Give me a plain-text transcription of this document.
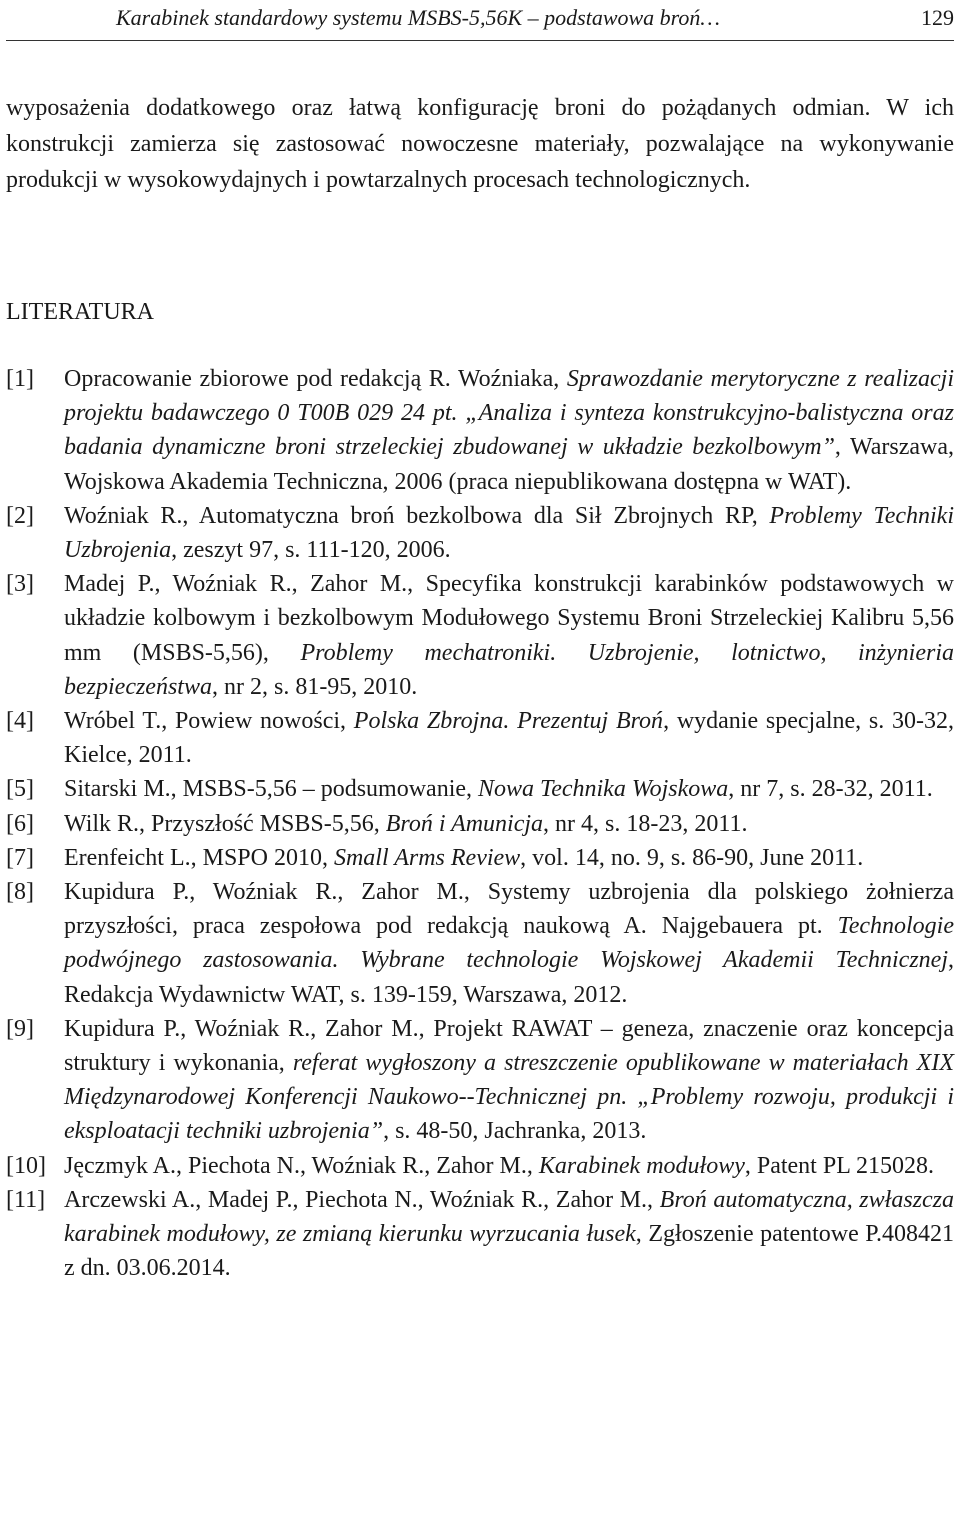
Karabinek standardowy systemu MSBS-5,56K – podstawowa broń…	129

wyposażenia dodatkowego oraz łatwą konfigurację broni do pożądanych odmian. W ich konstrukcji zamierza się zastosować nowoczesne materiały, pozwalające na wykonywanie produkcji w wysokowydajnych i powtarzalnych procesach technologicznych.

LITERATURA
[1] Opracowanie zbiorowe pod redakcją R. Woźniaka, Sprawozdanie merytoryczne z realizacji projektu badawczego 0 T00B 029 24 pt. „Analiza i synteza konstrukcyjno-balistyczna oraz badania dynamiczne broni strzeleckiej zbudowanej w układzie bezkolbowym”, Warszawa, Wojskowa Akademia Techniczna, 2006 (praca niepublikowana dostępna w WAT).
[2] Woźniak R., Automatyczna broń bezkolbowa dla Sił Zbrojnych RP, Problemy Techniki Uzbrojenia, zeszyt 97, s. 111-120, 2006.
[3] Madej P., Woźniak R., Zahor M., Specyfika konstrukcji karabinków podstawowych w układzie kolbowym i bezkolbowym Modułowego Systemu Broni Strzeleckiej Kalibru 5,56 mm (MSBS-5,56), Problemy mechatroniki. Uzbrojenie, lotnictwo, inżynieria bezpieczeństwa, nr 2, s. 81-95, 2010.
[4] Wróbel T., Powiew nowości, Polska Zbrojna. Prezentuj Broń, wydanie specjalne, s. 30-32, Kielce, 2011.
[5] Sitarski M., MSBS-5,56 – podsumowanie, Nowa Technika Wojskowa, nr 7, s. 28-32, 2011.
[6] Wilk R., Przyszłość MSBS-5,56, Broń i Amunicja, nr 4, s. 18-23, 2011.
[7] Erenfeicht L., MSPO 2010, Small Arms Review, vol. 14, no. 9, s. 86-90, June 2011.
[8] Kupidura P., Woźniak R., Zahor M., Systemy uzbrojenia dla polskiego żołnierza przyszłości, praca zespołowa pod redakcją naukową A. Najgebauera pt. Technologie podwójnego zastosowania. Wybrane technologie Wojskowej Akademii Technicznej, Redakcja Wydawnictw WAT, s. 139-159, Warszawa, 2012.
[9] Kupidura P., Woźniak R., Zahor M., Projekt RAWAT – geneza, znaczenie oraz koncepcja struktury i wykonania, referat wygłoszony a streszczenie opublikowane w materiałach XIX Międzynarodowej Konferencji Naukowo--Technicznej pn. „Problemy rozwoju, produkcji i eksploatacji techniki uzbrojenia”, s. 48-50, Jachranka, 2013.
[10] Jęczmyk A., Piechota N., Woźniak R., Zahor M., Karabinek modułowy, Patent PL 215028.
[11] Arczewski A., Madej P., Piechota N., Woźniak R., Zahor M., Broń automatyczna, zwłaszcza karabinek modułowy, ze zmianą kierunku wyrzucania łusek, Zgłoszenie patentowe P.408421 z dn. 03.06.2014.
